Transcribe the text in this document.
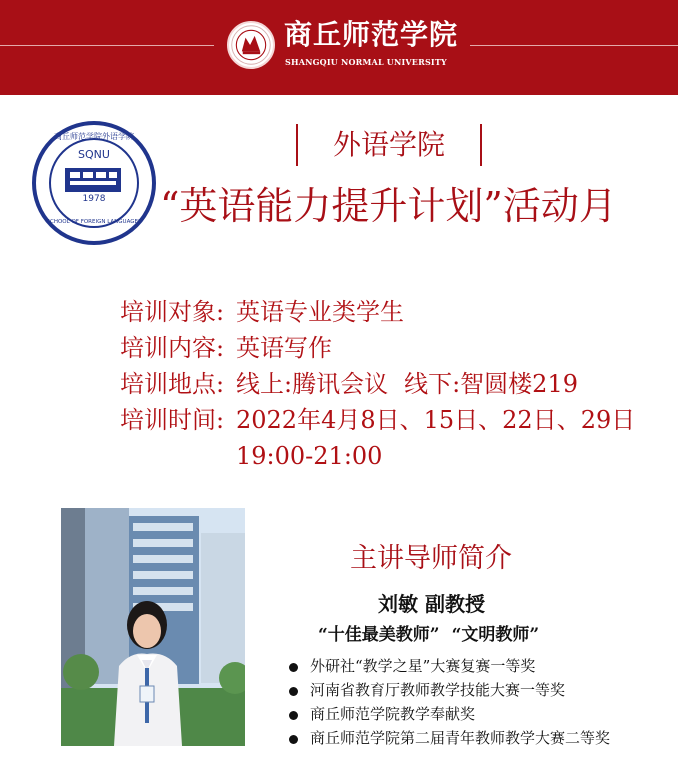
商丘师范学院
SHANGQIU NORMAL UNIVERSITY
SQNU
1978
商丘师范学院外语学院
SCHOOL OF FOREIGN LANGUAGES
外语学院
“英语能力提升计划”活动月
培训对象: 英语专业类学生
培训内容: 英语写作
培训地点: 线上:腾讯会议 线下:智圆楼219
培训时间: 2022年4月8日、15日、22日、29日
19:00-21:00
主讲导师简介
刘敏 副教授
“十佳最美教师” “文明教师”
外研社“教学之星”大赛复赛一等奖
河南省教育厅教师教学技能大赛一等奖
商丘师范学院教学奉献奖
商丘师范学院第二届青年教师教学大赛二等奖
